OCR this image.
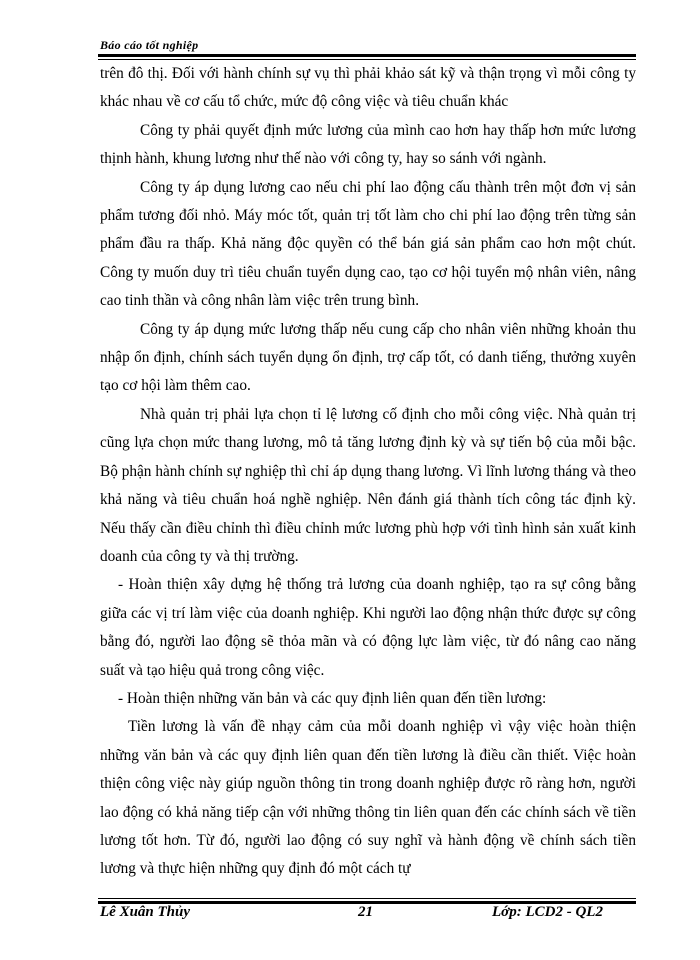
Báo cáo tốt nghiệp

trên đô thị. Đối với hành chính sự vụ thì phải khảo sát kỹ và thận trọng vì mỗi công ty khác nhau về cơ cấu tổ chức, mức độ công việc và tiêu chuẩn khác

Công ty phải quyết định mức lương của mình cao hơn hay thấp hơn mức lương thịnh hành, khung lương như thế nào với công ty, hay so sánh với ngành.

Công ty áp dụng lương cao nếu chi phí lao động cấu thành trên một đơn vị sản phẩm tương đối nhỏ. Máy móc tốt, quản trị tốt làm cho chi phí lao động trên từng sản phẩm đầu ra thấp. Khả năng độc quyền có thể bán giá sản phẩm cao hơn một chút. Công ty muốn duy trì tiêu chuẩn tuyển dụng cao, tạo cơ hội tuyển mộ nhân viên, nâng cao tinh thần và công nhân làm việc trên trung bình.

Công ty áp dụng mức lương thấp nếu cung cấp cho nhân viên những khoản thu nhập ổn định, chính sách tuyển dụng ổn định, trợ cấp tốt, có danh tiếng, thưởng xuyên tạo cơ hội làm thêm cao.

Nhà quản trị phải lựa chọn tỉ lệ lương cố định cho mỗi công việc. Nhà quản trị cũng lựa chọn mức thang lương, mô tả tăng lương định kỳ và sự tiến bộ của mỗi bậc. Bộ phận hành chính sự nghiệp thì chỉ áp dụng thang lương. Vì lĩnh lương tháng và theo khả năng và tiêu chuẩn hoá nghề nghiệp. Nên đánh giá thành tích công tác định kỳ. Nếu thấy cần điều chỉnh thì điều chỉnh mức lương phù hợp với tình hình sản xuất kinh doanh của công ty và thị trường.

- Hoàn thiện xây dựng hệ thống trả lương của doanh nghiệp, tạo ra sự công bằng giữa các vị trí làm việc của doanh nghiệp. Khi người lao động nhận thức được sự công bằng đó, người lao động sẽ thỏa mãn và có động lực làm việc, từ đó nâng cao năng suất và tạo hiệu quả trong công việc.

- Hoàn thiện những văn bản và các quy định liên quan đến tiền lương:

Tiền lương là vấn đề nhạy cảm của mỗi doanh nghiệp vì vậy việc hoàn thiện những văn bản và các quy định liên quan đến tiền lương là điều cần thiết. Việc hoàn thiện công việc này giúp nguồn thông tin trong doanh nghiệp được rõ ràng hơn, người lao động có khả năng tiếp cận với những thông tin liên quan đến các chính sách về tiền lương tốt hơn. Từ đó, người lao động có suy nghĩ và hành động về chính sách tiền lương và thực hiện những quy định đó một cách tự

Lê Xuân Thủy	21	Lớp: LCD2 - QL2
